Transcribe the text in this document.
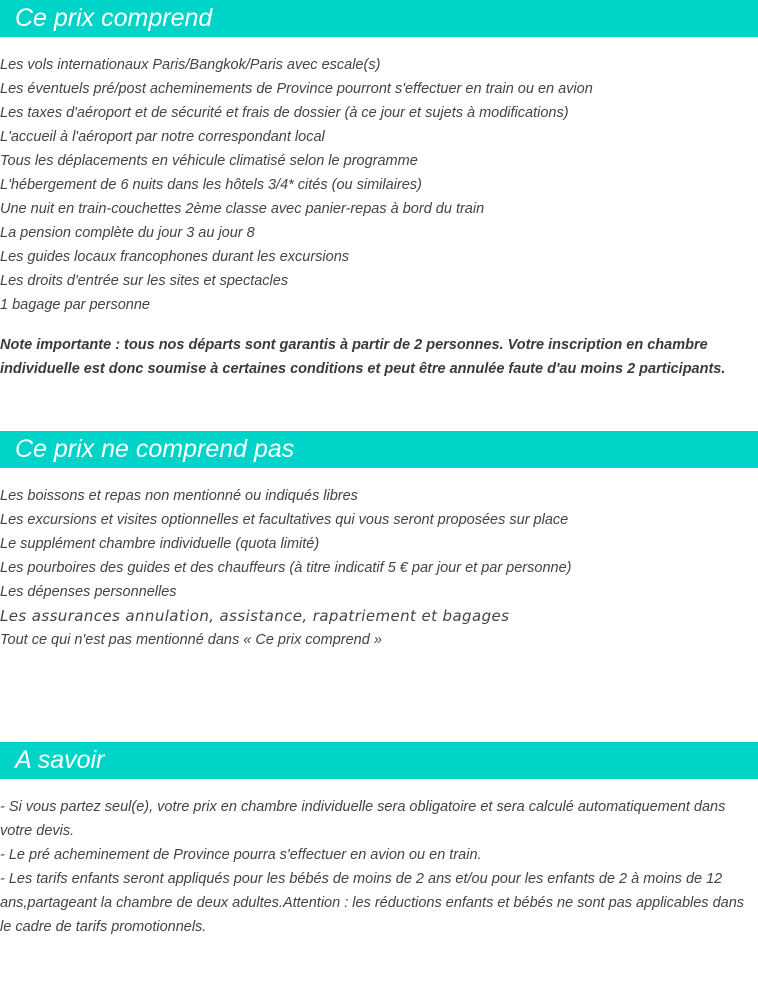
Ce prix comprend
Les vols internationaux Paris/Bangkok/Paris avec escale(s)
Les éventuels pré/post acheminements de Province pourront s'effectuer en train ou en avion
Les taxes d'aéroport et de sécurité et frais de dossier (à ce jour et sujets à modifications)
L'accueil à l'aéroport par notre correspondant local
Tous les déplacements en véhicule climatisé selon le programme
L'hébergement de 6 nuits dans les hôtels 3/4* cités (ou similaires)
Une nuit en train-couchettes 2ème classe avec panier-repas à bord du train
La pension complète du jour 3 au jour 8
Les guides locaux francophones durant les excursions
Les droits d'entrée sur les sites et spectacles
1 bagage par personne

Note importante : tous nos départs sont garantis à partir de 2 personnes. Votre inscription en chambre individuelle est donc soumise à certaines conditions et peut être annulée faute d'au moins 2 participants.

Ce prix ne comprend pas
Les boissons et repas non mentionné ou indiqués libres
Les excursions et visites optionnelles et facultatives qui vous seront proposées sur place
Le supplément chambre individuelle (quota limité)
Les pourboires des guides et des chauffeurs (à titre indicatif 5 € par jour et par personne)
Les dépenses personnelles
Les assurances annulation, assistance, rapatriement et bagages
Tout ce qui n'est pas mentionné dans « Ce prix comprend »
A savoir

- Si vous partez seul(e), votre prix en chambre individuelle sera obligatoire et sera calculé automatiquement dans votre devis.

- Le pré acheminement de Province pourra s'effectuer en avion ou en train.

- Les tarifs enfants seront appliqués pour les bébés de moins de 2 ans et/ou pour les enfants de 2 à moins de 12 ans,partageant la chambre de deux adultes.Attention : les réductions enfants et bébés ne sont pas applicables dans le cadre de tarifs promotionnels.
